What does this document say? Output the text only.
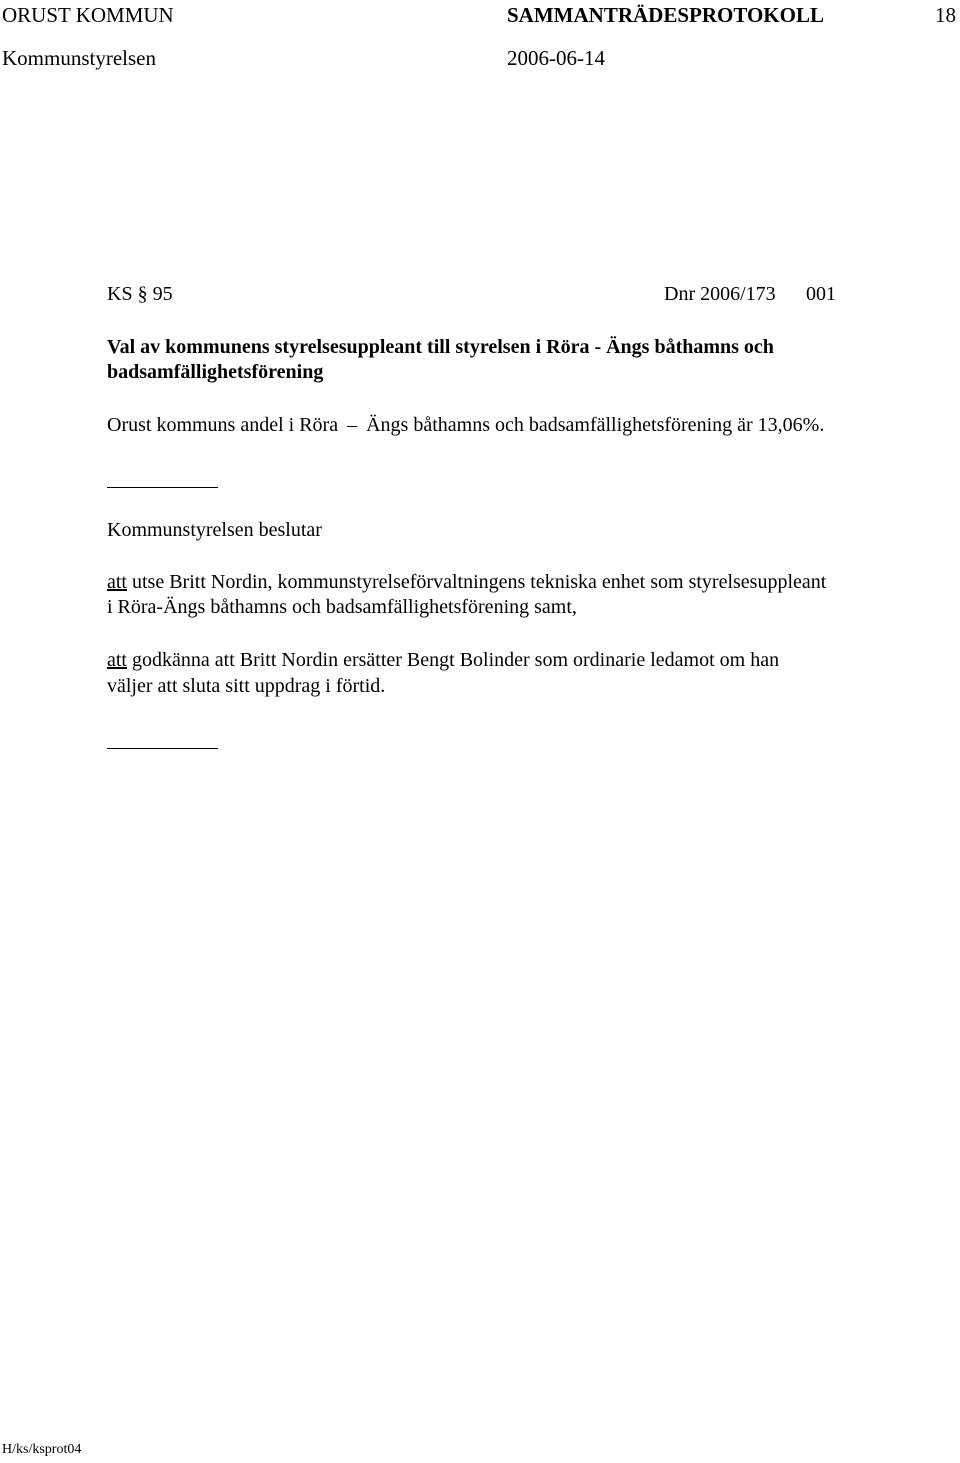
ORUST KOMMUN	SAMMANTRÄDESPROTOKOLL	18
Kommunstyrelsen	2006-06-14
KS § 95	Dnr 2006/173 001
Val av kommunens styrelsesuppleant till styrelsen i Röra - Ängs båthamns och
badsamfällighetsförening
Orust kommuns andel i Röra – Ängs båthamns och badsamfällighetsförening är 13,06%.
Kommunstyrelsen beslutar
att utse Britt Nordin, kommunstyrelseförvaltningens tekniska enhet som styrelsesuppleant
i Röra-Ängs båthamns och badsamfällighetsförening samt,
att godkänna att Britt Nordin ersätter Bengt Bolinder som ordinarie ledamot om han
väljer att sluta sitt uppdrag i förtid.
H/ks/ksprot04
